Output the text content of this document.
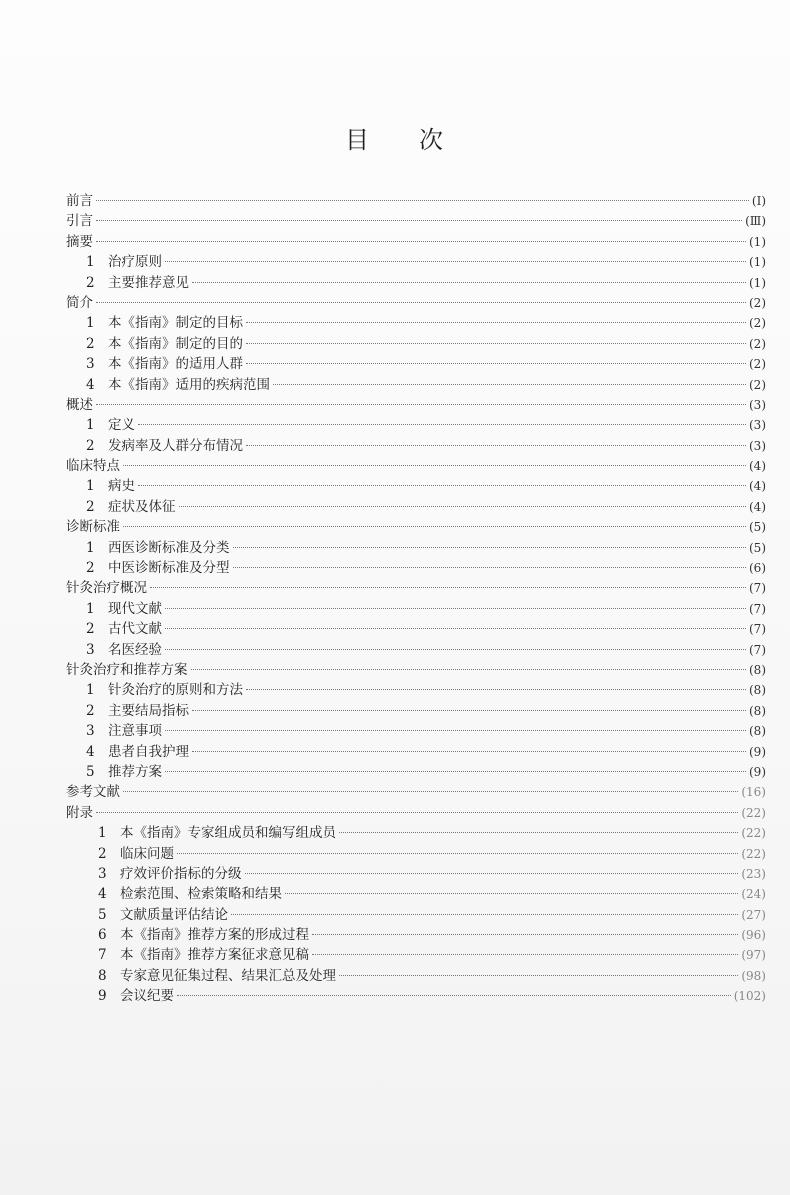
目 次
前言	(Ⅰ)
引言	(Ⅲ)
摘要	(1)
1 治疗原则	(1)
2 主要推荐意见	(1)
简介	(2)
1 本《指南》制定的目标	(2)
2 本《指南》制定的目的	(2)
3 本《指南》的适用人群	(2)
4 本《指南》适用的疾病范围	(2)
概述	(3)
1 定义	(3)
2 发病率及人群分布情况	(3)
临床特点	(4)
1 病史	(4)
2 症状及体征	(4)
诊断标准	(5)
1 西医诊断标准及分类	(5)
2 中医诊断标准及分型	(6)
针灸治疗概况	(7)
1 现代文献	(7)
2 古代文献	(7)
3 名医经验	(7)
针灸治疗和推荐方案	(8)
1 针灸治疗的原则和方法	(8)
2 主要结局指标	(8)
3 注意事项	(8)
4 患者自我护理	(9)
5 推荐方案	(9)
参考文献	(16)
附录	(22)
1 本《指南》专家组成员和编写组成员	(22)
2 临床问题	(22)
3 疗效评价指标的分级	(23)
4 检索范围、检索策略和结果	(24)
5 文献质量评估结论	(27)
6 本《指南》推荐方案的形成过程	(96)
7 本《指南》推荐方案征求意见稿	(97)
8 专家意见征集过程、结果汇总及处理	(98)
9 会议纪要	(102)
